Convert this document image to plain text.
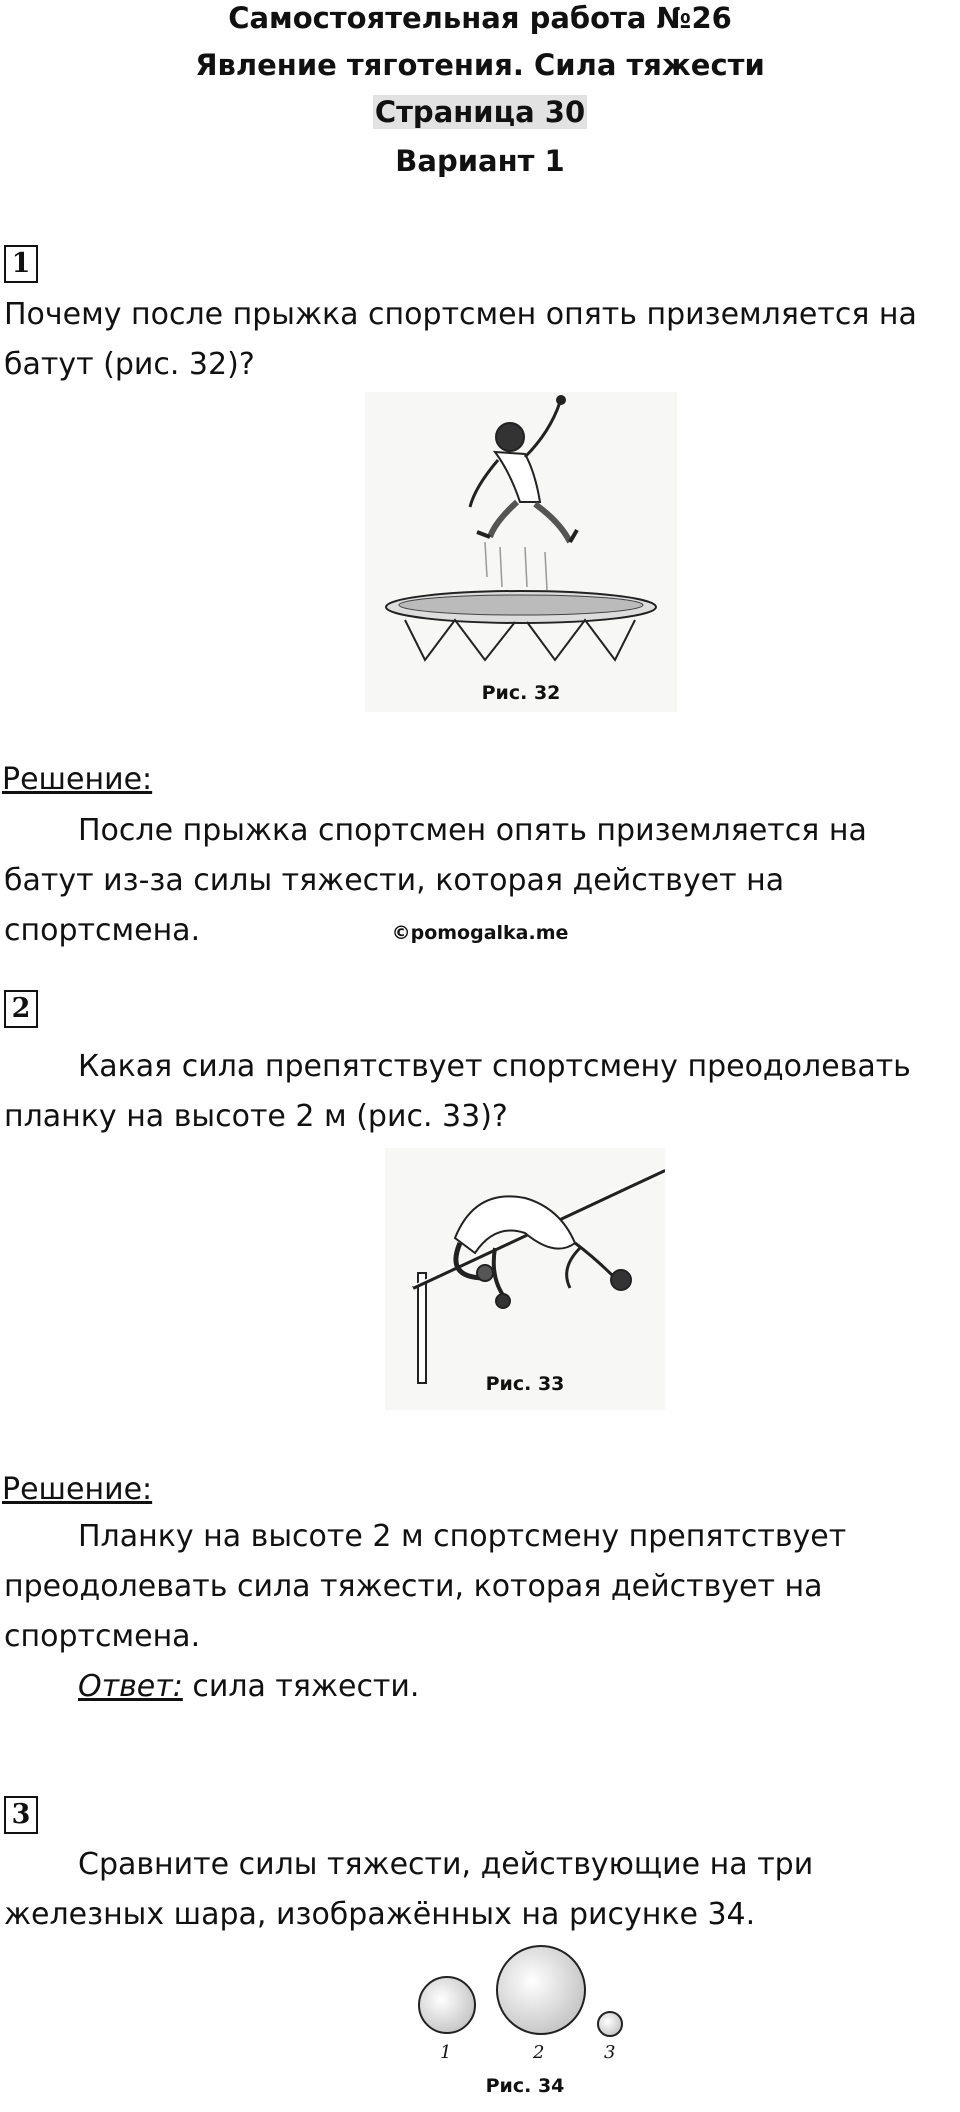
Самостоятельная работа №26
Явление тяготения. Сила тяжести
Страница 30
Вариант 1
1
Почему после прыжка спортсмен опять приземляется на батут (рис. 32)?
Рис. 32
Решение:
После прыжка спортсмен опять приземляется на батут из-за силы тяжести, которая действует на спортсмена.	©pomogalka.me
2
Какая сила препятствует спортсмену преодолевать планку на высоте 2 м (рис. 33)?
Рис. 33
Решение:
Планку на высоте 2 м спортсмену препятствует преодолевать сила тяжести, которая действует на спортсмена.
Ответ: сила тяжести.
3
Сравните силы тяжести, действующие на три железных шара, изображённых на рисунке 34.
1	2	3
Рис. 34
